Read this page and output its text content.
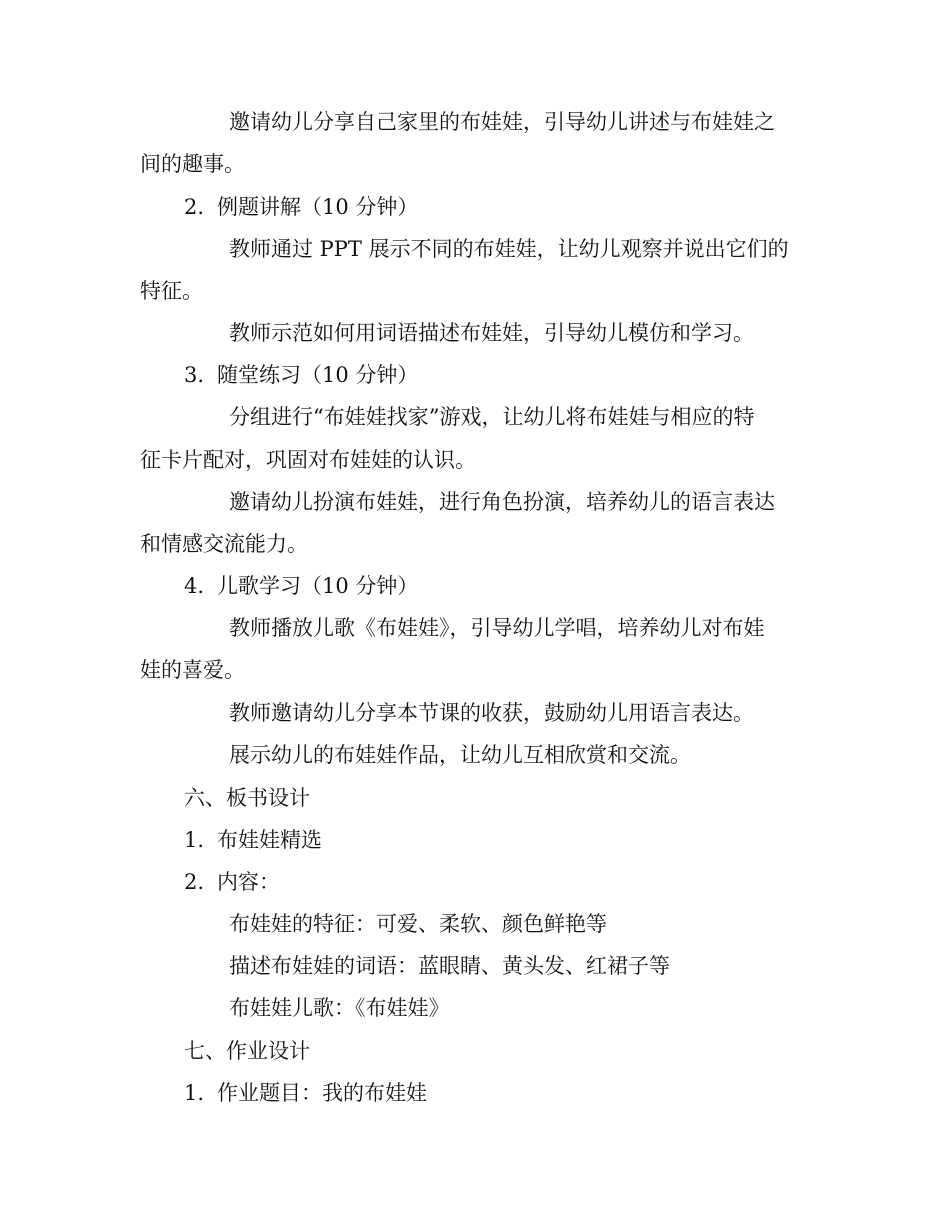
邀请幼儿分享自己家里的布娃娃，引导幼儿讲述与布娃娃之
间的趣事。
2. 例题讲解（10 分钟）
教师通过 PPT 展示不同的布娃娃，让幼儿观察并说出它们的
特征。
教师示范如何用词语描述布娃娃，引导幼儿模仿和学习。
3. 随堂练习（10 分钟）
分组进行“布娃娃找家”游戏，让幼儿将布娃娃与相应的特
征卡片配对，巩固对布娃娃的认识。
邀请幼儿扮演布娃娃，进行角色扮演，培养幼儿的语言表达
和情感交流能力。
4. 儿歌学习（10 分钟）
教师播放儿歌《布娃娃》，引导幼儿学唱，培养幼儿对布娃
娃的喜爱。
教师邀请幼儿分享本节课的收获，鼓励幼儿用语言表达。
展示幼儿的布娃娃作品，让幼儿互相欣赏和交流。
六、板书设计
1. 布娃娃精选
2. 内容：
布娃娃的特征：可爱、柔软、颜色鲜艳等
描述布娃娃的词语：蓝眼睛、黄头发、红裙子等
布娃娃儿歌：《布娃娃》
七、作业设计
1. 作业题目：我的布娃娃
